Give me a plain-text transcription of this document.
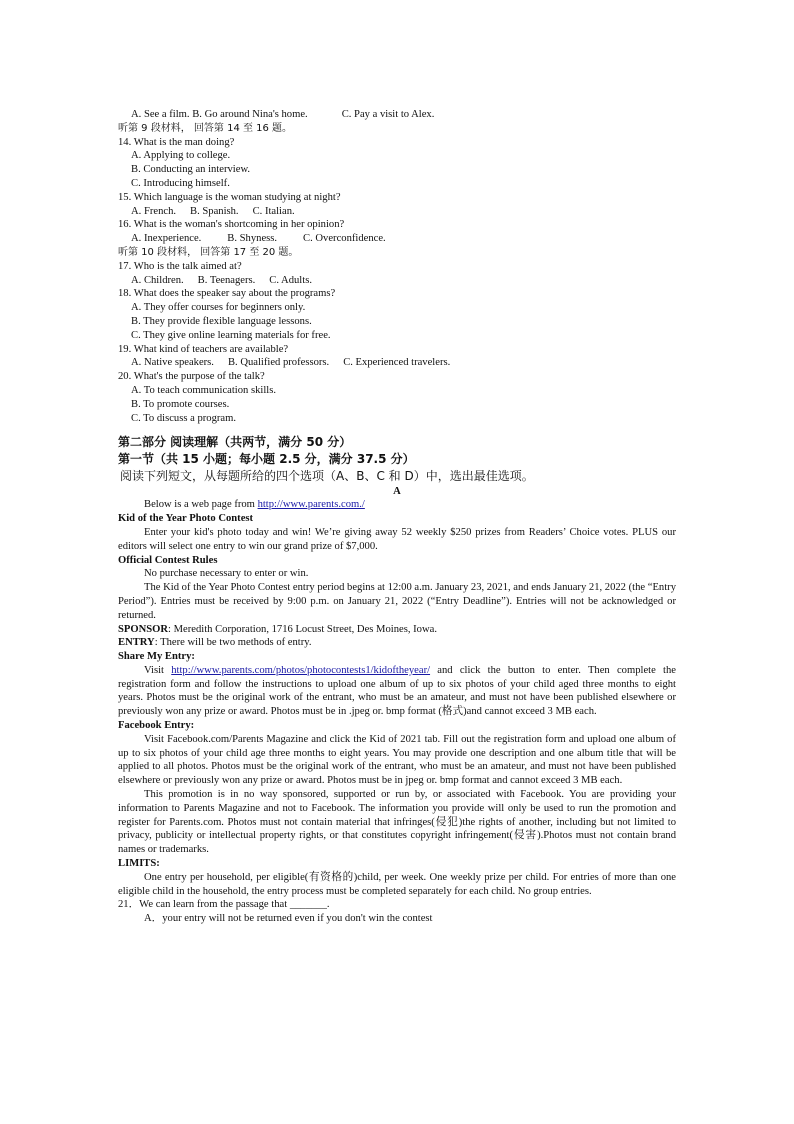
A. See a film. B. Go around Nina's home.	C. Pay a visit to Alex.

听第 9 段材料， 回答第 14 至 16 题。

14. What is the man doing?

A. Applying to college.

B. Conducting an interview.

C. Introducing himself.

15. Which language is the woman studying at night?

A. French. B. Spanish. C. Italian.

16. What is the woman's shortcoming in her opinion?

A. Inexperience. B. Shyness. C. Overconfidence.

听第 10 段材料， 回答第 17 至 20 题。

17. Who is the talk aimed at?

A. Children. B. Teenagers. C. Adults.

18. What does the speaker say about the programs?

A. They offer courses for beginners only.

B. They provide flexible language lessons.

C. They give online learning materials for free.

19. What kind of teachers are available?

A. Native speakers. B. Qualified professors. C. Experienced travelers.

20. What's the purpose of the talk?

A. To teach communication skills.

B. To promote courses.

C. To discuss a program.

第二部分 阅读理解（共两节，满分 50 分）
第一节（共 15 小题；每小题 2.5 分，满分 37.5 分）
阅读下列短文，从每题所给的四个选项（A、B、C 和 D）中，选出最佳选项。
A

Below is a web page from http://www.parents.com./

Kid of the Year Photo Contest

Enter your kid's photo today and win! We’re giving away 52 weekly $250 prizes from Readers’ Choice votes. PLUS our editors will select one entry to win our grand prize of $7,000.

Official Contest Rules

No purchase necessary to enter or win.

The Kid of the Year Photo Contest entry period begins at 12:00 a.m. January 23, 2021, and ends January 21, 2022 (the “Entry Period”). Entries must be received by 9:00 p.m. on January 21, 2022 (“Entry Deadline”). Entries will not be acknowledged or returned.

SPONSOR: Meredith Corporation, 1716 Locust Street, Des Moines, Iowa.

ENTRY: There will be two methods of entry.

Share My Entry:

Visit http://www.parents.com/photos/photocontests1/kidoftheyear/ and click the button to enter. Then complete the registration form and follow the instructions to upload one album of up to six photos of your child aged three months to eight years. Photos must be the original work of the entrant, who must be an amateur, and must not have been published elsewhere or previously won any prize or award. Photos must be in .jpeg or. bmp format (格式)and cannot exceed 3 MB each.

Facebook Entry:

Visit Facebook.com/Parents Magazine and click the Kid of 2021 tab. Fill out the registration form and upload one album of up to six photos of your child age three months to eight years. You may provide one description and one album title that will be applied to all photos. Photos must be the original work of the entrant, who must be an amateur, and must not have been published elsewhere or previously won any prize or award. Photos must be in jpeg or. bmp format and cannot exceed 3 MB each.

This promotion is in no way sponsored, supported or run by, or associated with Facebook. You are providing your information to Parents Magazine and not to Facebook. The information you provide will only be used to run the promotion and register for Parents.com. Photos must not contain material that infringes(侵犯)the rights of another, including but not limited to privacy, publicity or intellectual property rights, or that constitutes copyright infringement(侵害).Photos must not contain brand names or trademarks.

LIMITS:

One entry per household, per eligible(有资格的)child, per week. One weekly prize per child. For entries of more than one eligible child in the household, the entry process must be completed separately for each child. No group entries.

21．We can learn from the passage that _______.

A．your entry will not be returned even if you don't win the contest
